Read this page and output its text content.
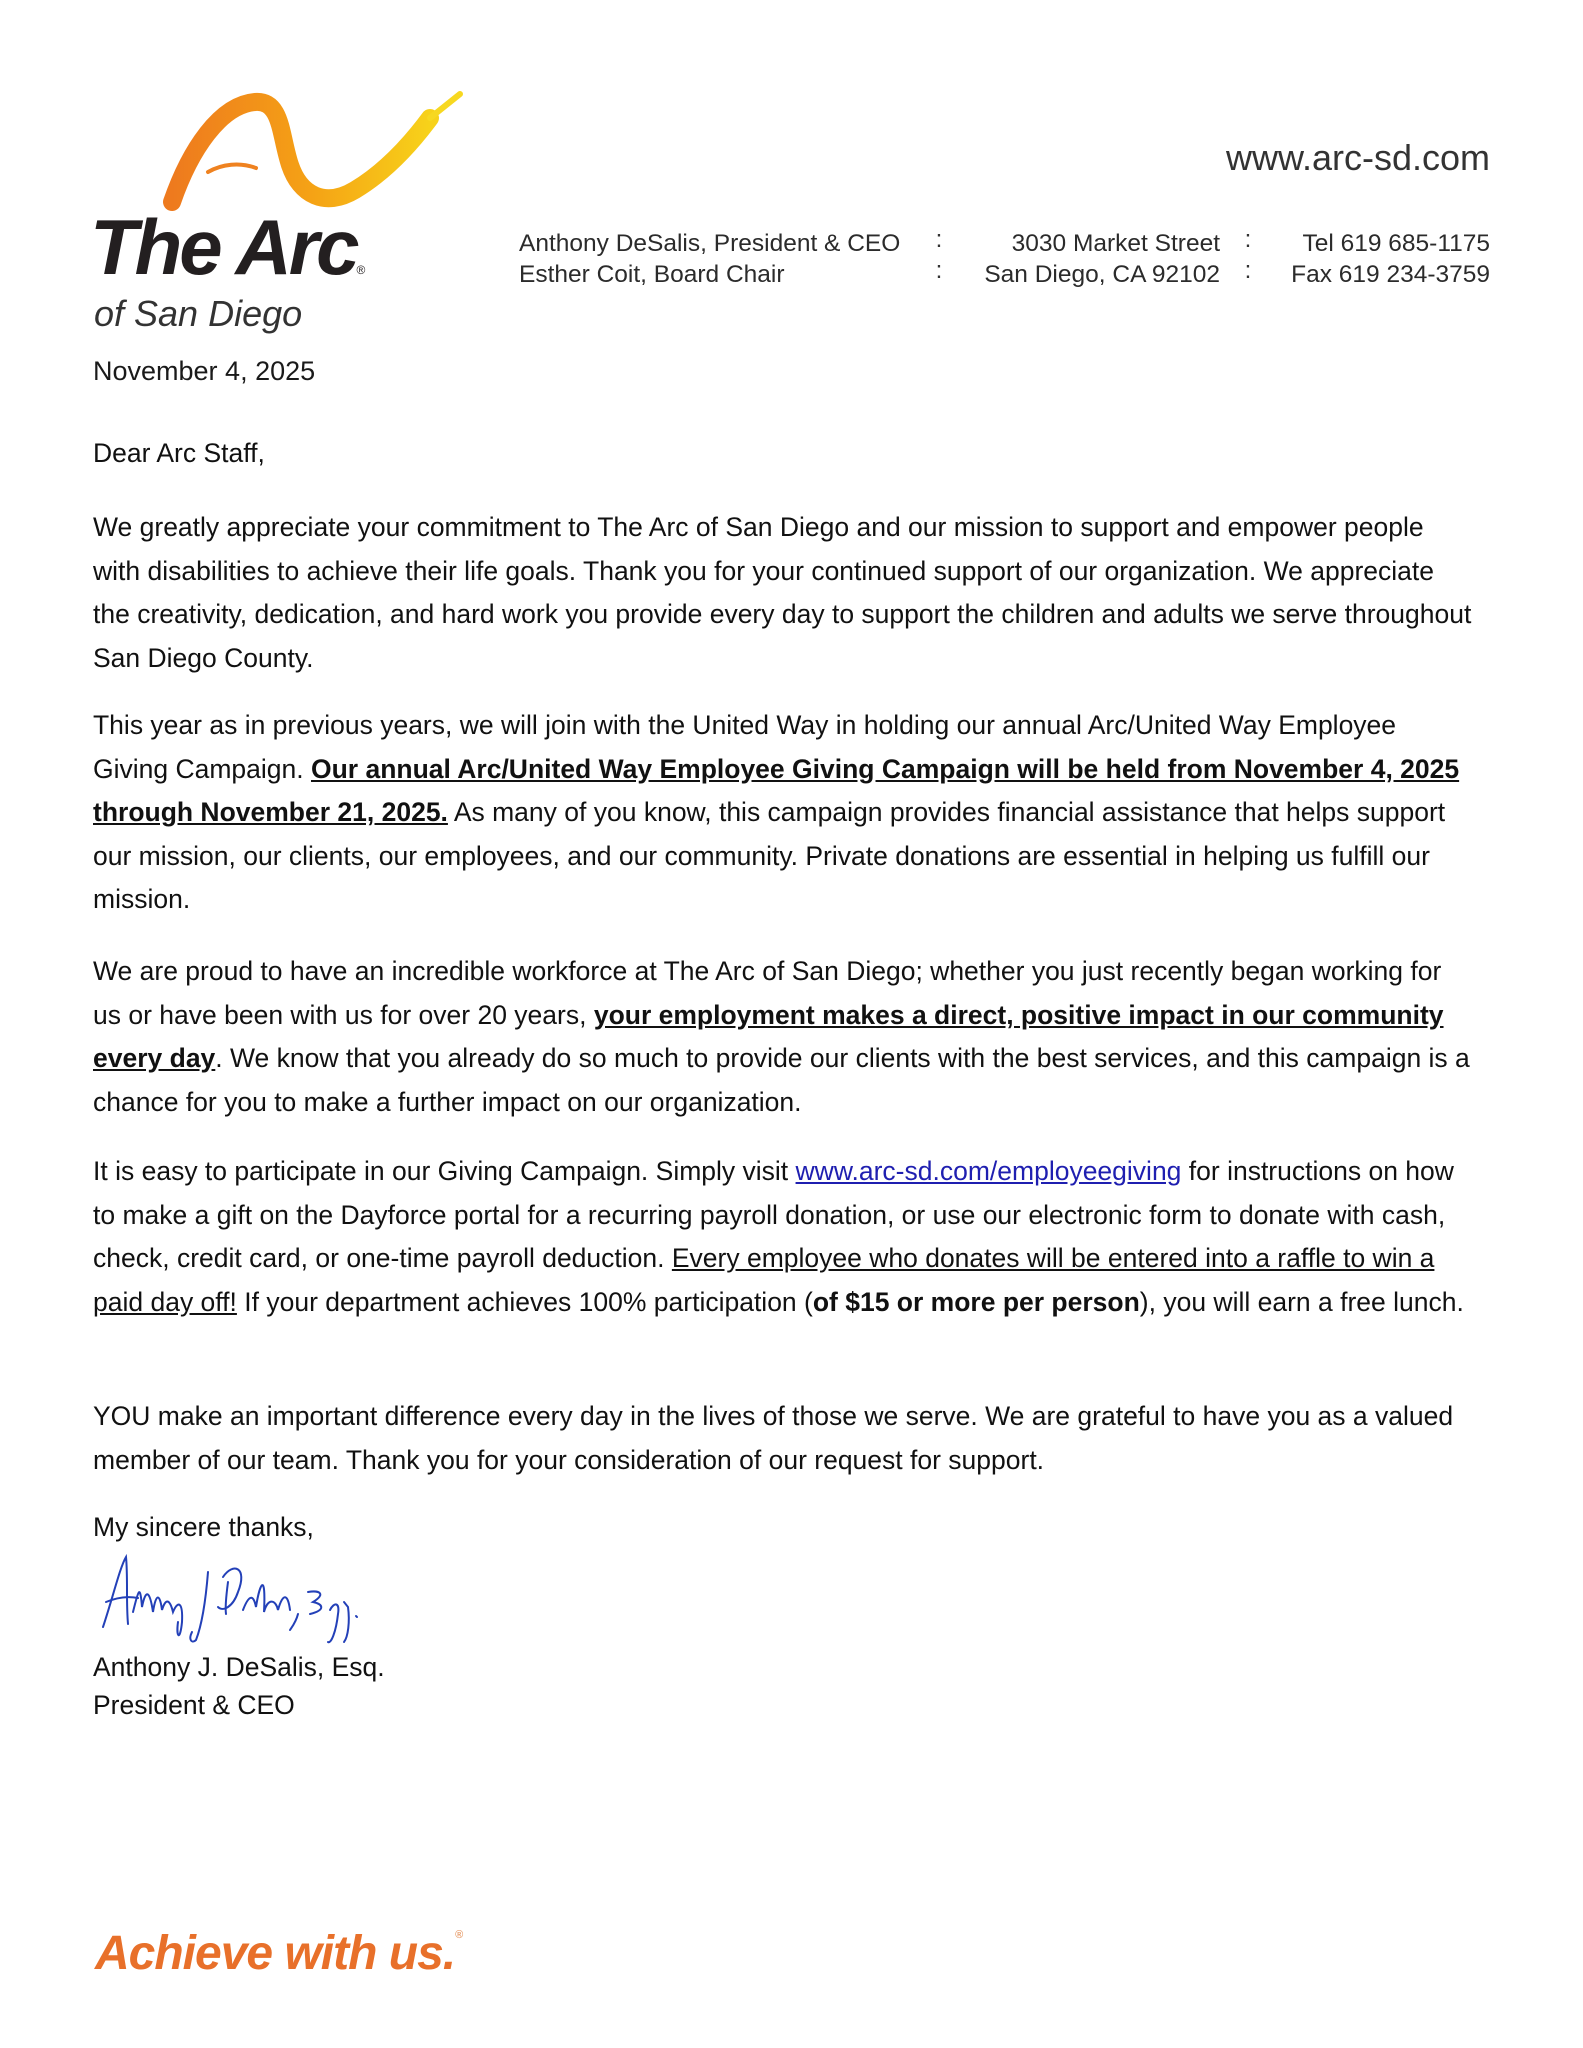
The Arc®
of San Diego
www.arc-sd.com
Anthony DeSalis, President & CEO
Esther Coit, Board Chair
:
:
3030 Market Street
San Diego, CA 92102
:
:
Tel 619 685-1175
Fax 619 234-3759
November 4, 2025
Dear Arc Staff,

We greatly appreciate your commitment to The Arc of San Diego and our mission to support and empower people with disabilities to achieve their life goals. Thank you for your continued support of our organization. We appreciate the creativity, dedication, and hard work you provide every day to support the children and adults we serve throughout San Diego County.

This year as in previous years, we will join with the United Way in holding our annual Arc/United Way Employee Giving Campaign. Our annual Arc/United Way Employee Giving Campaign will be held from November 4, 2025 through November 21, 2025. As many of you know, this campaign provides financial assistance that helps support our mission, our clients, our employees, and our community. Private donations are essential in helping us fulfill our mission.

We are proud to have an incredible workforce at The Arc of San Diego; whether you just recently began working for us or have been with us for over 20 years, your employment makes a direct, positive impact in our community every day. We know that you already do so much to provide our clients with the best services, and this campaign is a chance for you to make a further impact on our organization.

It is easy to participate in our Giving Campaign. Simply visit www.arc-sd.com/employeegiving for instructions on how to make a gift on the Dayforce portal for a recurring payroll donation, or use our electronic form to donate with cash, check, credit card, or one-time payroll deduction. Every employee who donates will be entered into a raffle to win a paid day off! If your department achieves 100% participation (of $15 or more per person), you will earn a free lunch.

YOU make an important difference every day in the lives of those we serve. We are grateful to have you as a valued member of our team. Thank you for your consideration of our request for support.

My sincere thanks,
Anthony J. DeSalis, Esq.
President & CEO
Achieve with us.®
